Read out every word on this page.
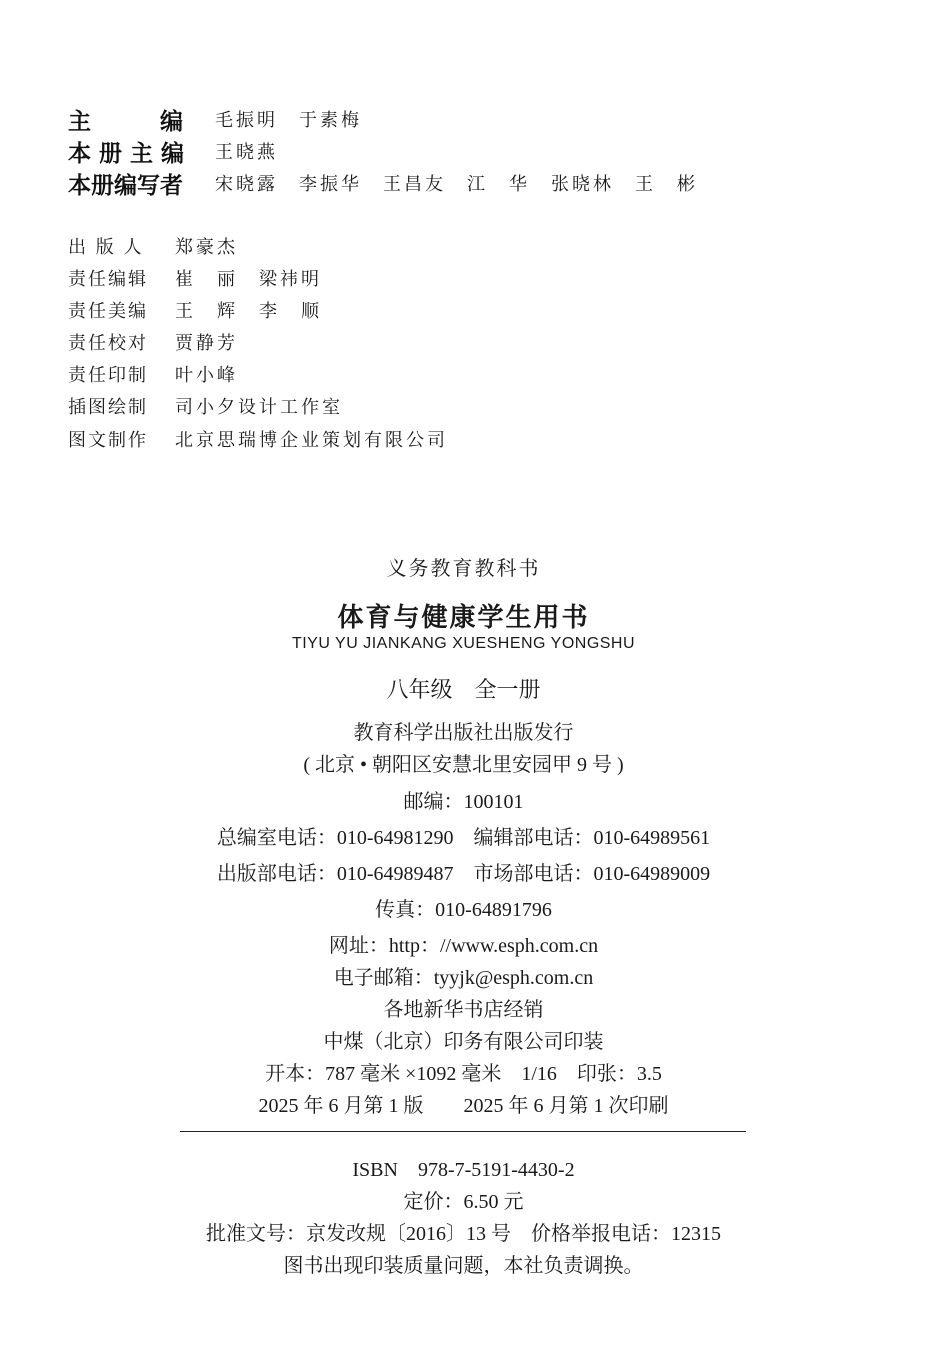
主　　　编 毛振明　于素梅
本 册 主 编 王晓燕
本册编写者 宋晓露　李振华　王昌友　江　华　张晓林　王　彬
出 版 人 郑豪杰
责任编辑 崔　丽　梁祎明
责任美编 王　辉　李　顺
责任校对 贾静芳
责任印制 叶小峰
插图绘制 司小夕设计工作室
图文制作 北京思瑞博企业策划有限公司
义务教育教科书
体育与健康学生用书
TIYU YU JIANKANG XUESHENG YONGSHU
八年级　全一册
教育科学出版社出版发行
( 北京 • 朝阳区安慧北里安园甲 9 号 )
邮编：100101
总编室电话：010-64981290　编辑部电话：010-64989561
出版部电话：010-64989487　市场部电话：010-64989009
传真：010-64891796
网址：http：//www.esph.com.cn
电子邮箱：tyyjk@esph.com.cn
各地新华书店经销
中煤（北京）印务有限公司印装
开本：787 毫米 ×1092 毫米　1/16　印张：3.5
2025 年 6 月第 1 版　　2025 年 6 月第 1 次印刷
ISBN　978-7-5191-4430-2
定价：6.50 元
批准文号：京发改规〔2016〕13 号　价格举报电话：12315
图书出现印装质量问题，本社负责调换。
